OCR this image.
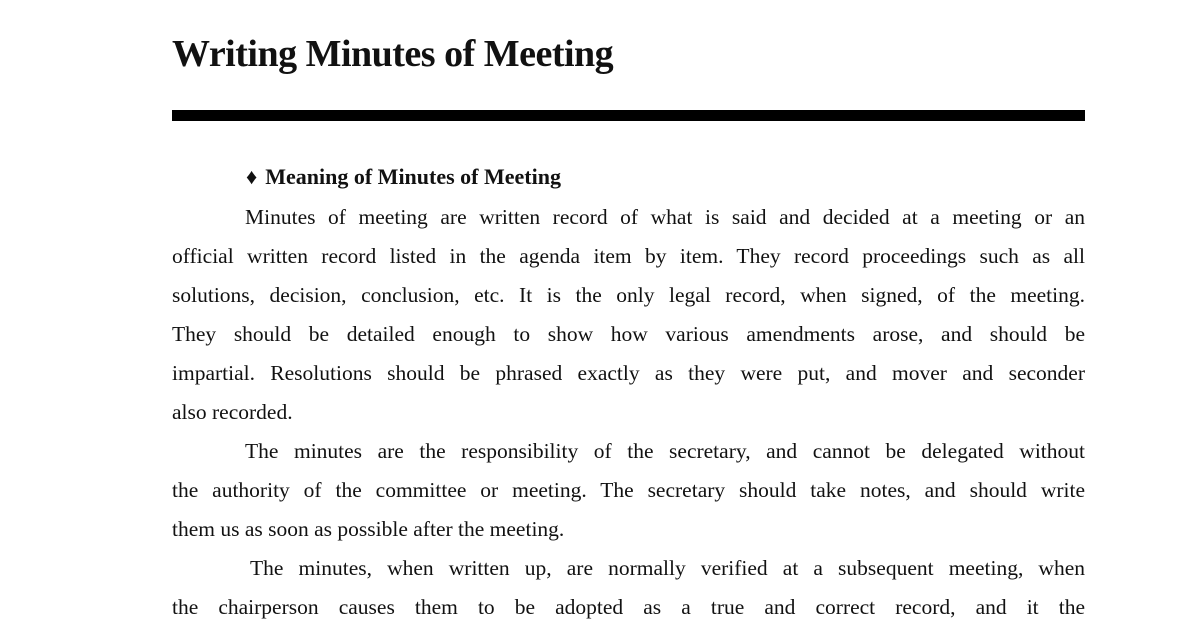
Writing Minutes of Meeting
♦ Meaning of Minutes of Meeting
Minutes of meeting are written record of what is said and decided at a meeting or an
official written record listed in the agenda item by item. They record proceedings such as all
solutions, decision, conclusion, etc. It is the only legal record, when signed, of the meeting.
They should be detailed enough to show how various amendments arose, and should be
impartial. Resolutions should be phrased exactly as they were put, and mover and seconder
also recorded.
The minutes are the responsibility of the secretary, and cannot be delegated without
the authority of the committee or meeting. The secretary should take notes, and should write
them us as soon as possible after the meeting.
The minutes, when written up, are normally verified at a subsequent meeting, when
the chairperson causes them to be adopted as a true and correct record, and it the
